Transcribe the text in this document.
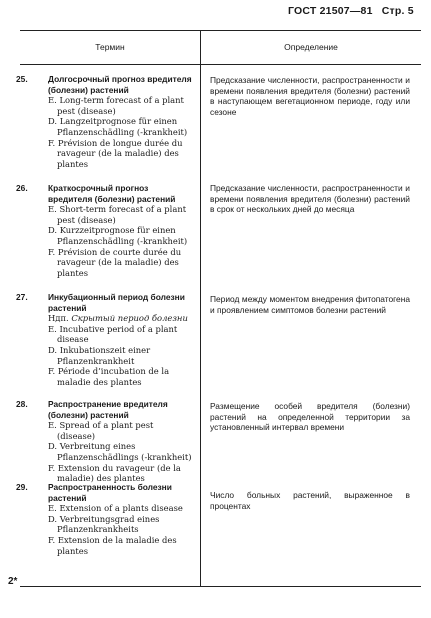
ГОСТ 21507—81 Стр. 5
Термин	Определение
25. Долгосрочный прогноз вредителя (болезни) растений
E. Long-term forecast of a plant pest (disease)
D. Langzeitprognose für einen Pflanzenschädling (-krankheit)
F. Prévision de longue durée du ravageur (de la maladie) des plantes
Предсказание численности, распространенности и времени появления вредителя (болезни) растений в наступающем вегетационном периоде, году или сезоне
26. Краткосрочный прогноз вредителя (болезни) растений
E. Short-term forecast of a plant pest (disease)
D. Kurzzeitprognose für einen Pflanzenschädling (-krankheit)
F. Prévision de courte durée du ravageur (de la maladie) des plantes
Предсказание численности, распространенности и времени появления вредителя (болезни) растений в срок от нескольких дней до месяца
27. Инкубационный период болезни растений
Ндп. Скрытый период болезни
E. Incubative period of a plant disease
D. Inkubationszeit einer Pflanzenkrankheit
F. Période d’incubation de la maladie des plantes
Период между моментом внедрения фитопатогена и проявлением симптомов болезни растений
28. Распространение вредителя (болезни) растений
E. Spread of a plant pest (disease)
D. Verbreitung eines Pflanzenschädlings (-krankheit)
F. Extension du ravageur (de la maladie) des plantes
Размещение особей вредителя (болезни) растений на определенной территории за установленный интервал времени
29. Распространенность болезни растений
E. Extension of a plants disease
D. Verbreitungsgrad eines Pflanzenkrankheits
F. Extension de la maladie des plantes
Число больных растений, выраженное в процентах
2*
